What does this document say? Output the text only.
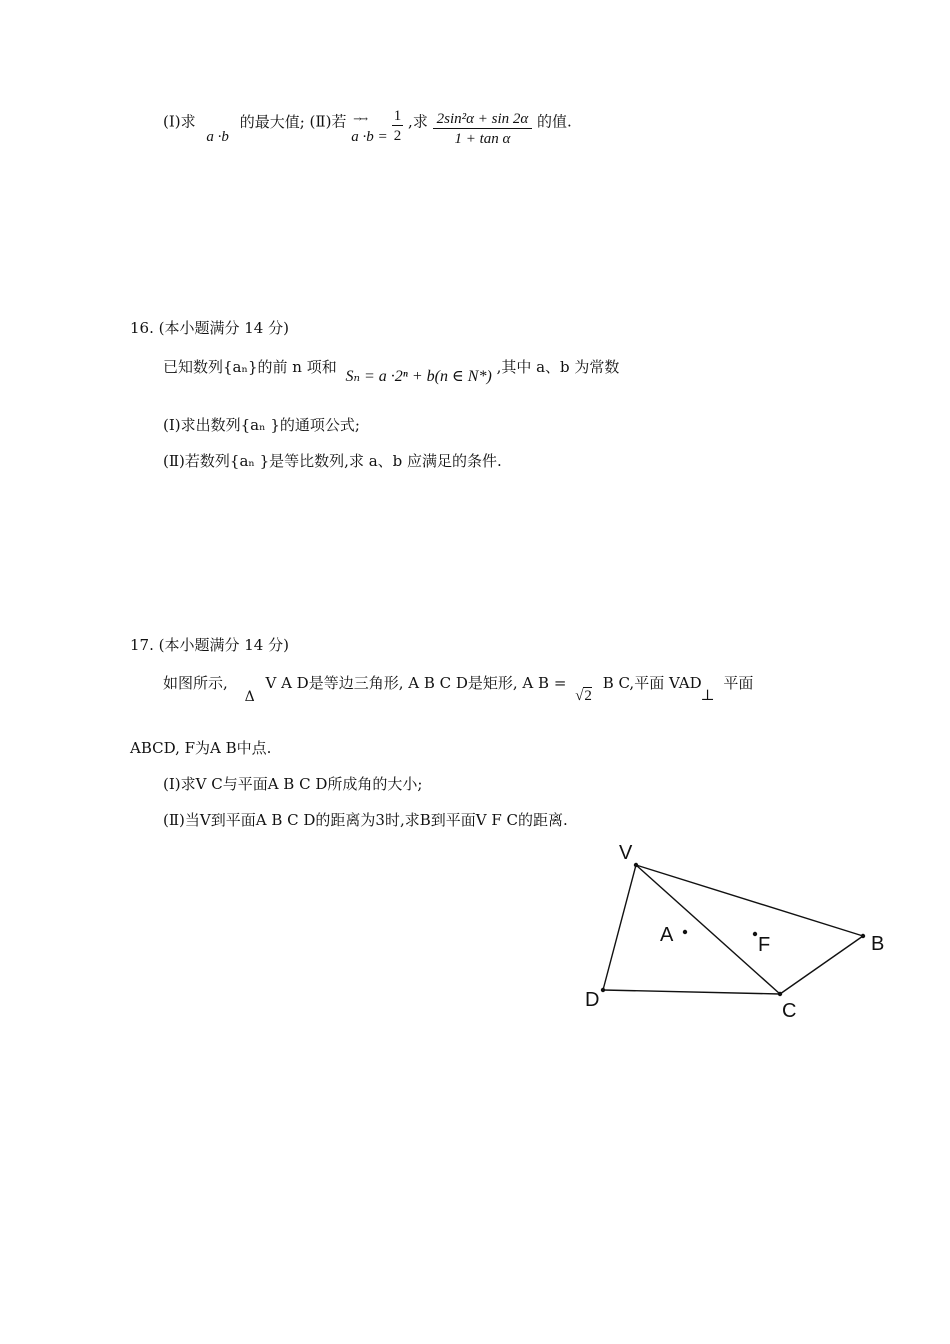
(Ⅰ)求 a ·b 的最大值; (Ⅱ)若 →→
$a \cdot b = \frac{1}{2}$ ,求 $\frac{\text{2sin²α + sin 2α}}{\text{1 + tan α}}$ 的值.
16. (本小题满分 14 分)
已知数列{aₙ}的前 n 项和 Sₙ = a ·2ⁿ + b(n ∈ N*) ,其中 a、b 为常数
(Ⅰ)求出数列{aₙ }的通项公式;
(Ⅱ)若数列{aₙ }是等比数列,求 a、b 应满足的条件.
17. (本小题满分 14 分)
如图所示, Δ V A D是等边三角形, A B C D是矩形, A B = √2 B C,平面 VAD ⊥ 平面
ABCD, F为A B中点.
(Ⅰ)求V C与平面A B C D所成角的大小;
(Ⅱ)当V到平面A B C D的距离为3时,求B到平面V F C的距离.
V
A	F	B
D	C
